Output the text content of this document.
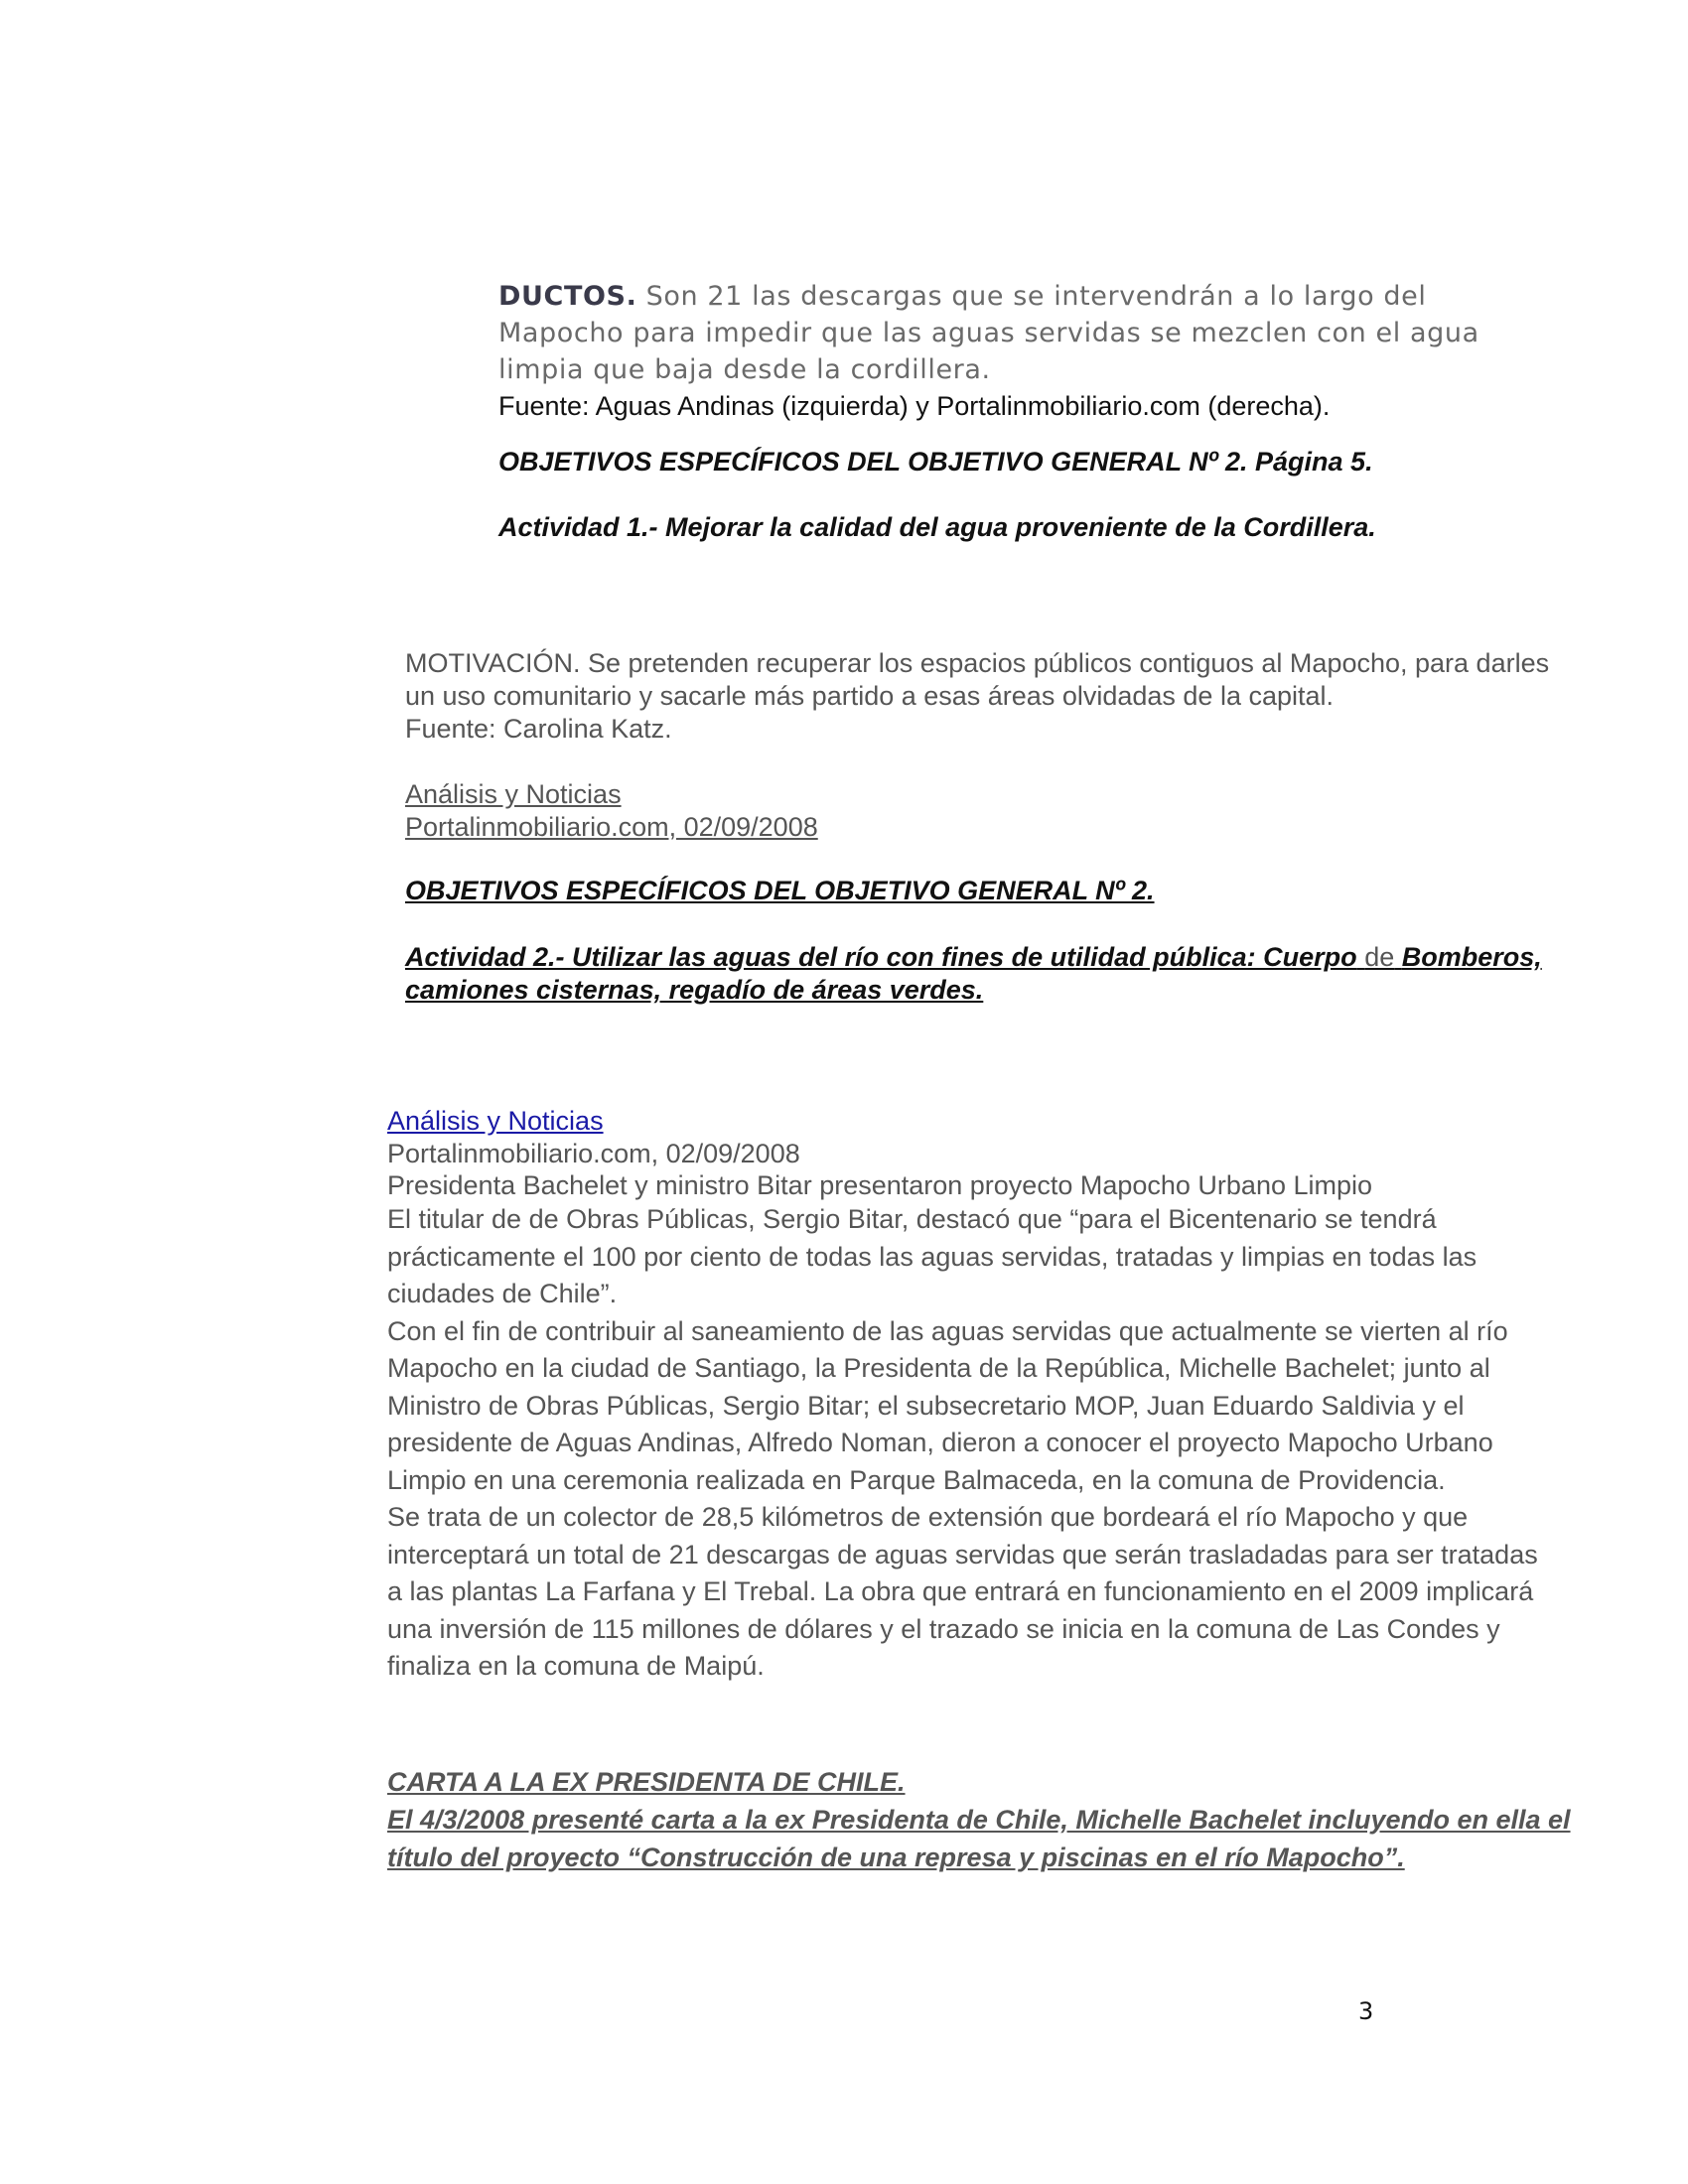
DUCTOS. Son 21 las descargas que se intervendrán a lo largo del Mapocho para impedir que las aguas servidas se mezclen con el agua limpia que baja desde la cordillera.
Fuente: Aguas Andinas (izquierda) y Portalinmobiliario.com (derecha).
OBJETIVOS ESPECÍFICOS DEL OBJETIVO GENERAL Nº 2. Página 5.
Actividad 1.- Mejorar la calidad del agua proveniente de la Cordillera.
MOTIVACIÓN. Se pretenden recuperar los espacios públicos contiguos al Mapocho, para darles un uso comunitario y sacarle más partido a esas áreas olvidadas de la capital.
Fuente: Carolina Katz.
Análisis y Noticias
Portalinmobiliario.com, 02/09/2008
OBJETIVOS ESPECÍFICOS DEL OBJETIVO GENERAL Nº 2.
Actividad 2.- Utilizar las aguas del río con fines de utilidad pública: Cuerpo de Bomberos, camiones cisternas, regadío de áreas verdes.
Análisis y Noticias
Portalinmobiliario.com, 02/09/2008
Presidenta Bachelet y ministro Bitar presentaron proyecto Mapocho Urbano Limpio

El titular de de Obras Públicas, Sergio Bitar, destacó que “para el Bicentenario se tendrá prácticamente el 100 por ciento de todas las aguas servidas, tratadas y limpias en todas las ciudades de Chile”.

Con el fin de contribuir al saneamiento de las aguas servidas que actualmente se vierten al río Mapocho en la ciudad de Santiago, la Presidenta de la República, Michelle Bachelet; junto al Ministro de Obras Públicas, Sergio Bitar; el subsecretario MOP, Juan Eduardo Saldivia y el presidente de Aguas Andinas, Alfredo Noman, dieron a conocer el proyecto Mapocho Urbano Limpio en una ceremonia realizada en Parque Balmaceda, en la comuna de Providencia.

Se trata de un colector de 28,5 kilómetros de extensión que bordeará el río Mapocho y que interceptará un total de 21 descargas de aguas servidas que serán trasladadas para ser tratadas a las plantas La Farfana y El Trebal. La obra que entrará en funcionamiento en el 2009 implicará una inversión de 115 millones de dólares y el trazado se inicia en la comuna de Las Condes y finaliza en la comuna de Maipú.

CARTA A LA EX PRESIDENTA DE CHILE.
El 4/3/2008 presenté carta a la ex Presidenta de Chile, Michelle Bachelet incluyendo en ella el título del proyecto “Construcción de una represa y piscinas en el río Mapocho”.
3
